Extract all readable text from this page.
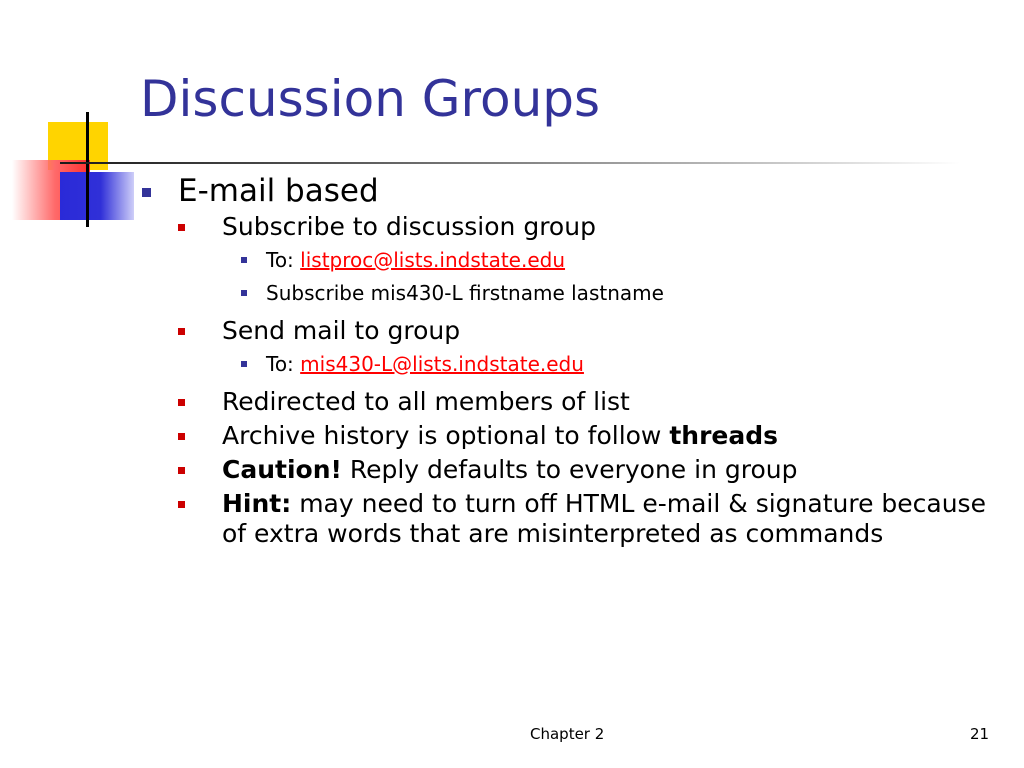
Discussion Groups
E-mail based
Subscribe to discussion group
To: listproc@lists.indstate.edu
Subscribe mis430-L firstname lastname
Send mail to group
To: mis430-L@lists.indstate.edu
Redirected to all members of list
Archive history is optional to follow threads
Caution! Reply defaults to everyone in group
Hint: may need to turn off HTML e-mail & signature because of extra words that are misinterpreted as commands
Chapter 2	21
